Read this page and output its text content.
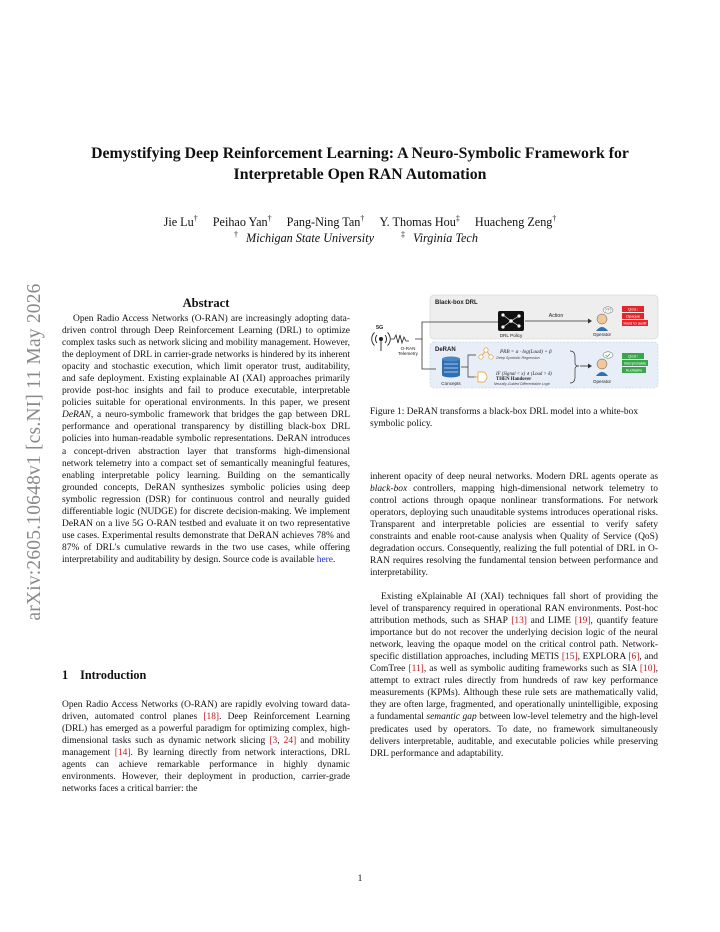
arXiv:2605.10648v1 [cs.NI] 11 May 2026
Demystifying Deep Reinforcement Learning: A Neuro-Symbolic Framework for
Interpretable Open RAN Automation
Jie Lu† Peihao Yan† Pang-Ning Tan† Y. Thomas Hou‡ Huacheng Zeng†
† Michigan State University	‡ Virginia Tech
Abstract
Open Radio Access Networks (O-RAN) are increasingly adopting data-driven control through Deep Reinforcement Learning (DRL) to optimize complex tasks such as network slicing and mobility management. However, the deployment of DRL in carrier-grade networks is hindered by its inherent opacity and stochastic execution, which limit operator trust, auditability, and safe deployment. Existing explainable AI (XAI) approaches primarily provide post-hoc insights and fail to produce executable, interpretable policies suitable for operational environments. In this paper, we present DeRAN, a neuro-symbolic framework that bridges the gap between DRL performance and operational transparency by distilling black-box DRL policies into human-readable symbolic representations. DeRAN introduces a concept-driven abstraction layer that transforms high-dimensional network telemetry into a compact set of semantically meaningful features, enabling interpretable policy learning. Building on the semantically grounded concepts, DeRAN synthesizes symbolic policies using deep symbolic regression (DSR) for continuous control and neurally guided differentiable logic (NUDGE) for discrete decision-making. We implement DeRAN on a live 5G O-RAN testbed and evaluate it on two representative use cases. Experimental results demonstrate that DeRAN achieves 78% and 87% of DRL's cumulative rewards in the two use cases, while offering interpretability and auditability by design. Source code is available here.
1 Introduction
Open Radio Access Networks (O-RAN) are rapidly evolving toward data-driven, automated control planes [18]. Deep Reinforcement Learning (DRL) has emerged as a powerful paradigm for optimizing complex, high-dimensional tasks such as dynamic network slicing [3, 24] and mobility management [14]. By learning directly from network interactions, DRL agents can achieve remarkable performance in highly dynamic environments. However, their deployment in production, carrier-grade networks faces a critical barrier: the
Black-box DRL
DeRAN
5G
O-RAN
Telemetry
DRL Policy
Action
???
Operator
QoS↓
Opaque
Hard to audit
Concepts
PRB = α · log(Load) + β
Deep Symbolic Regression
IF (Signal < x) ∧ (Load > δ)
THEN Handover
Neurally-Guided Differentiable Logic	Operator
QoS↑
Interpretable
Auditable
Figure 1: DeRAN transforms a black-box DRL model into a white-box symbolic policy.
inherent opacity of deep neural networks. Modern DRL agents operate as black-box controllers, mapping high-dimensional network telemetry to control actions through opaque nonlinear transformations. For network operators, deploying such unauditable systems introduces operational risks. Transparent and interpretable policies are essential to verify safety constraints and enable root-cause analysis when Quality of Service (QoS) degradation occurs. Consequently, realizing the full potential of DRL in O-RAN requires resolving the fundamental tension between performance and interpretability.
Existing eXplainable AI (XAI) techniques fall short of providing the level of transparency required in operational RAN environments. Post-hoc attribution methods, such as SHAP [13] and LIME [19], quantify feature importance but do not recover the underlying decision logic of the neural network, leaving the opaque model on the critical control path. Network-specific distillation approaches, including METIS [15], EXPLORA [6], and ComTree [11], as well as symbolic auditing frameworks such as SIA [10], attempt to extract rules directly from hundreds of raw key performance measurements (KPMs). Although these rule sets are mathematically valid, they are often large, fragmented, and operationally unintelligible, exposing a fundamental semantic gap between low-level telemetry and the high-level predicates used by operators. To date, no framework simultaneously delivers interpretable, auditable, and executable policies while preserving DRL performance and adaptability.
1
